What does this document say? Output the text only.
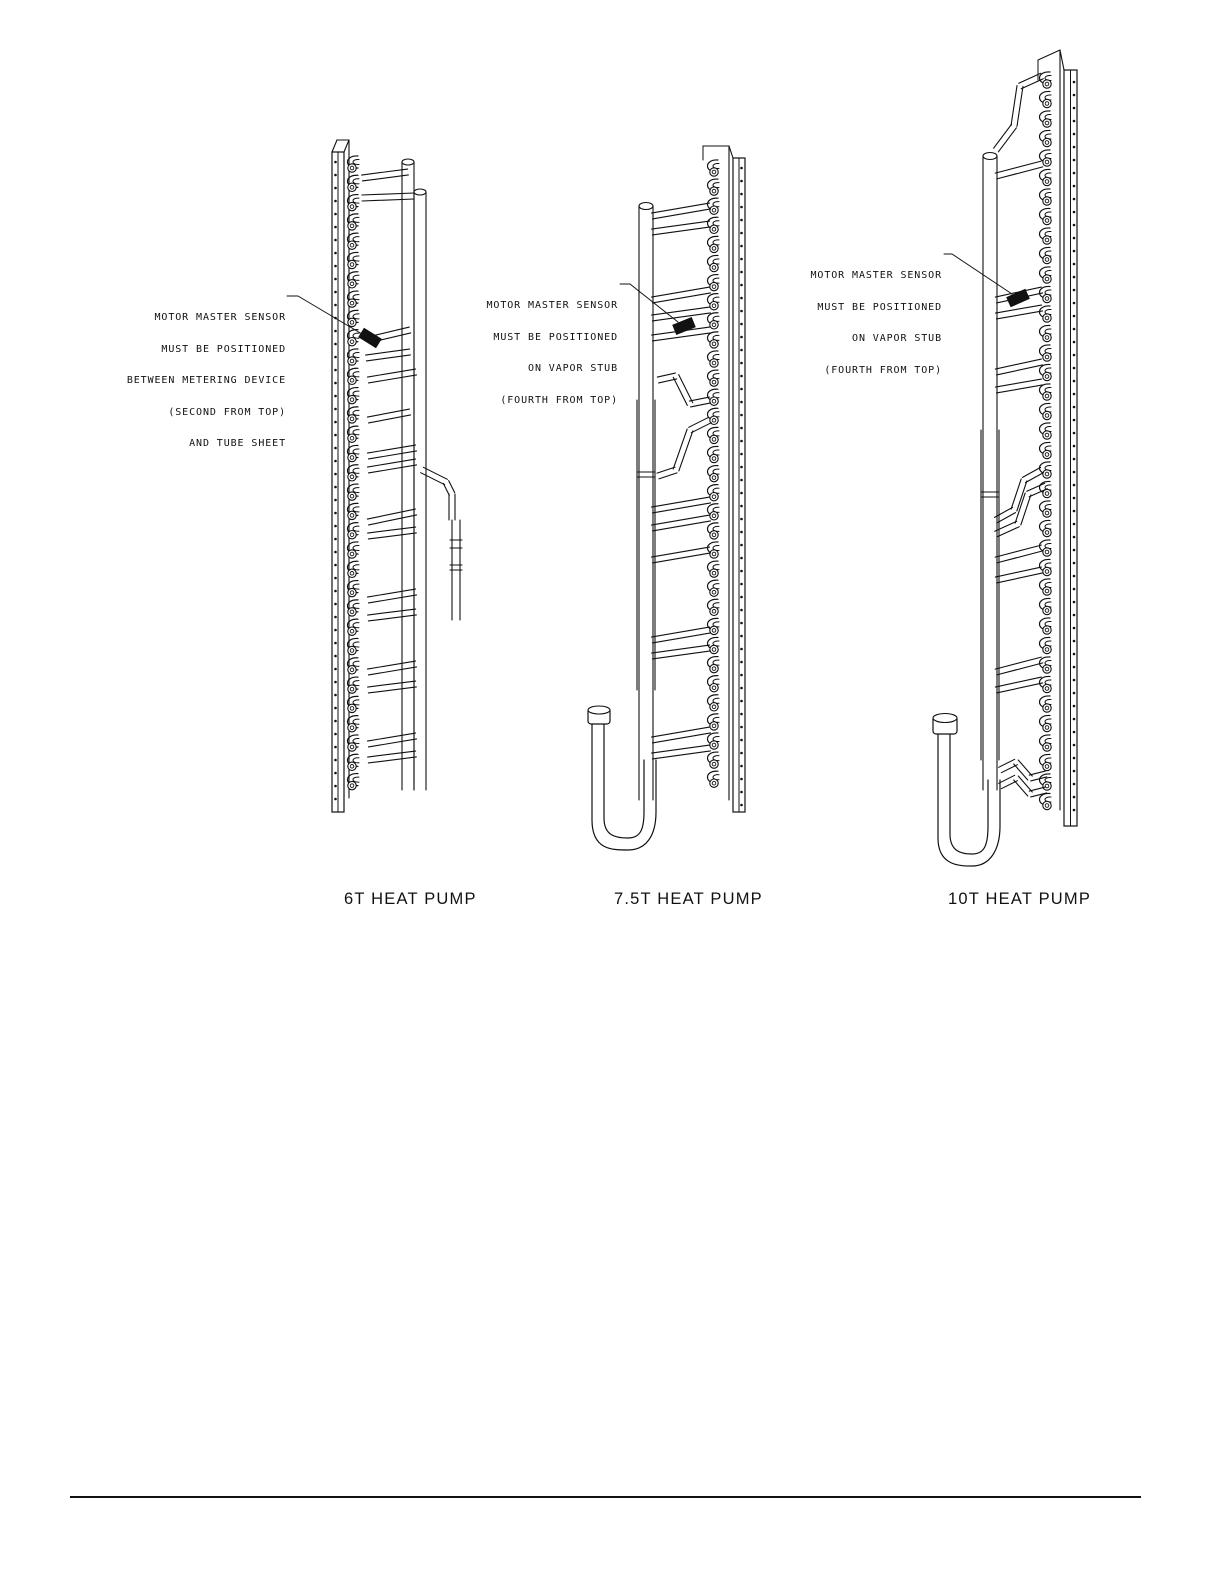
MOTOR MASTER SENSOR

MUST BE POSITIONED

BETWEEN METERING DEVICE

(SECOND FROM TOP)

AND TUBE SHEET

MOTOR MASTER SENSOR

MUST BE POSITIONED

ON VAPOR STUB

(FOURTH FROM TOP)

MOTOR MASTER SENSOR

MUST BE POSITIONED

ON VAPOR STUB

(FOURTH FROM TOP)

6T HEAT PUMP	7.5T HEAT PUMP	10T HEAT PUMP
